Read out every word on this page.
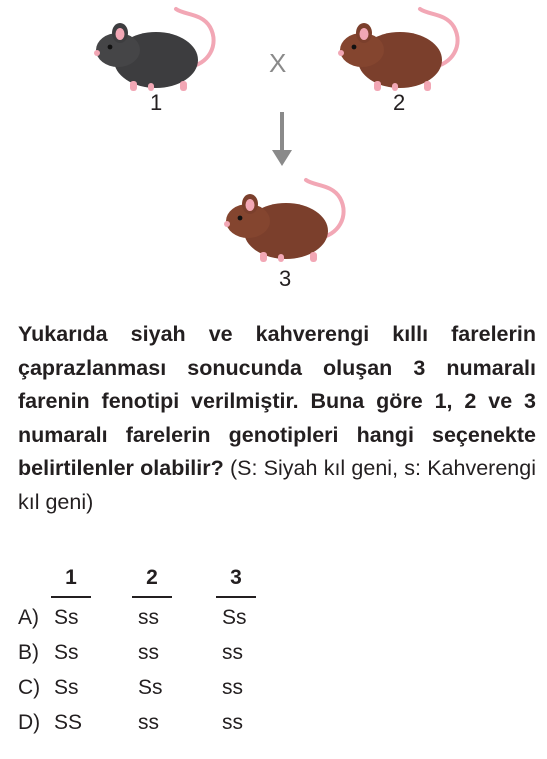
1
X
2
3
Yukarıda siyah ve kahverengi kıllı farelerin çaprazlanması sonucunda oluşan 3 numaralı farenin fenotipi verilmiştir. Buna göre 1, 2 ve 3 numaralı farelerin genotipleri hangi seçenekte belirtilenler olabilir? (S: Siyah kıl geni, s: Kahverengi kıl geni)
1	2	3
A) Ss	ss	Ss
B) Ss	ss	ss
C) Ss	Ss	ss
D) SS	ss	ss
